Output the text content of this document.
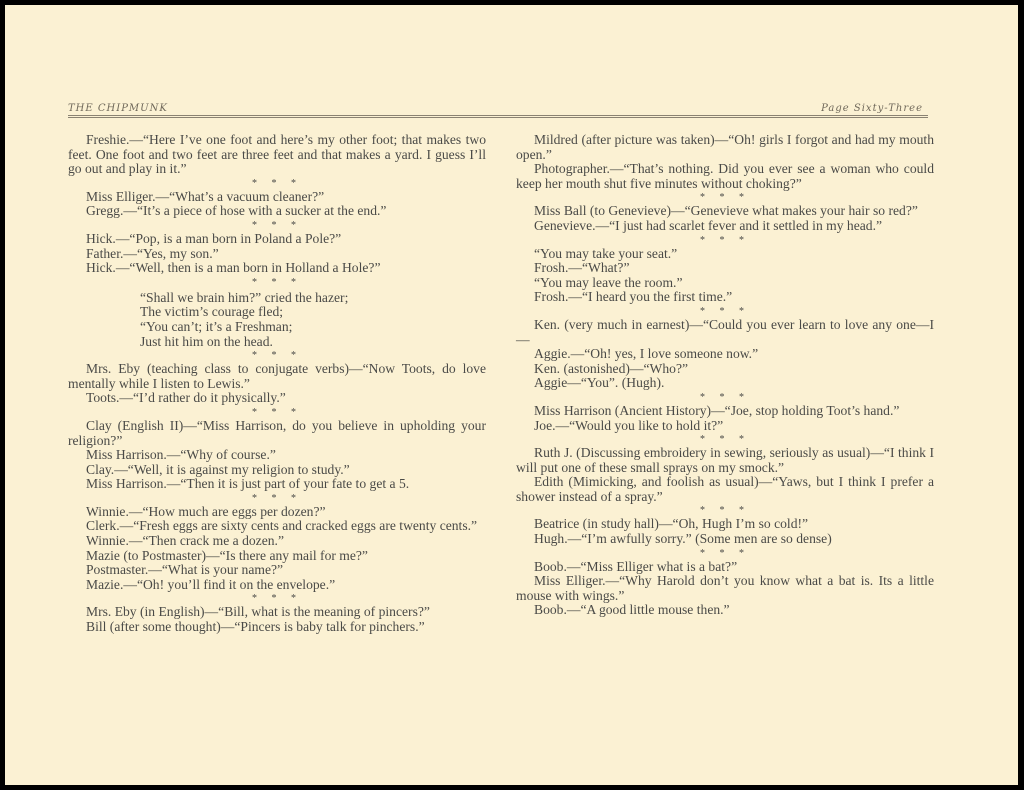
THE CHIPMUNK	Page Sixty-Three

Freshie.—“Here I’ve one foot and here’s my other foot; that makes two feet. One foot and two feet are three feet and that makes a yard. I guess I’ll go out and play in it.”

* * *

Miss Elliger.—“What’s a vacuum cleaner?”

Gregg.—“It’s a piece of hose with a sucker at the end.”

* * *

Hick.—“Pop, is a man born in Poland a Pole?”

Father.—“Yes, my son.”

Hick.—“Well, then is a man born in Holland a Hole?”

* * *

“Shall we brain him?” cried the hazer;
The victim’s courage fled;
“You can’t; it’s a Freshman;
Just hit him on the head.

* * *

Mrs. Eby (teaching class to conjugate verbs)—“Now Toots, do love mentally while I listen to Lewis.”

Toots.—“I’d rather do it physically.”

* * *

Clay (English II)—“Miss Harrison, do you believe in upholding your religion?”

Miss Harrison.—“Why of course.”

Clay.—“Well, it is against my religion to study.”

Miss Harrison.—“Then it is just part of your fate to get a 5.

* * *

Winnie.—“How much are eggs per dozen?”

Clerk.—“Fresh eggs are sixty cents and cracked eggs are twenty cents.”

Winnie.—“Then crack me a dozen.”

Mazie (to Postmaster)—“Is there any mail for me?”

Postmaster.—“What is your name?”

Mazie.—“Oh! you’ll find it on the envelope.”

* * *

Mrs. Eby (in English)—“Bill, what is the meaning of pincers?”

Bill (after some thought)—“Pincers is baby talk for pinchers.”

Mildred (after picture was taken)—“Oh! girls I forgot and had my mouth open.”

Photographer.—“That’s nothing. Did you ever see a woman who could keep her mouth shut five minutes without choking?”

* * *

Miss Ball (to Genevieve)—“Genevieve what makes your hair so red?”

Genevieve.—“I just had scarlet fever and it settled in my head.”

* * *

“You may take your seat.”

Frosh.—“What?”

“You may leave the room.”

Frosh.—“I heard you the first time.”

* * *

Ken. (very much in earnest)—“Could you ever learn to love any one—I—

Aggie.—“Oh! yes, I love someone now.”

Ken. (astonished)—“Who?”

Aggie—“You”. (Hugh).

* * *

Miss Harrison (Ancient History)—“Joe, stop holding Toot’s hand.”

Joe.—“Would you like to hold it?”

* * *

Ruth J. (Discussing embroidery in sewing, seriously as usual)—“I think I will put one of these small sprays on my smock.”

Edith (Mimicking, and foolish as usual)—“Yaws, but I think I prefer a shower instead of a spray.”

* * *

Beatrice (in study hall)—“Oh, Hugh I’m so cold!”

Hugh.—“I’m awfully sorry.” (Some men are so dense)

* * *

Boob.—“Miss Elliger what is a bat?”

Miss Elliger.—“Why Harold don’t you know what a bat is. Its a little mouse with wings.”

Boob.—“A good little mouse then.”
